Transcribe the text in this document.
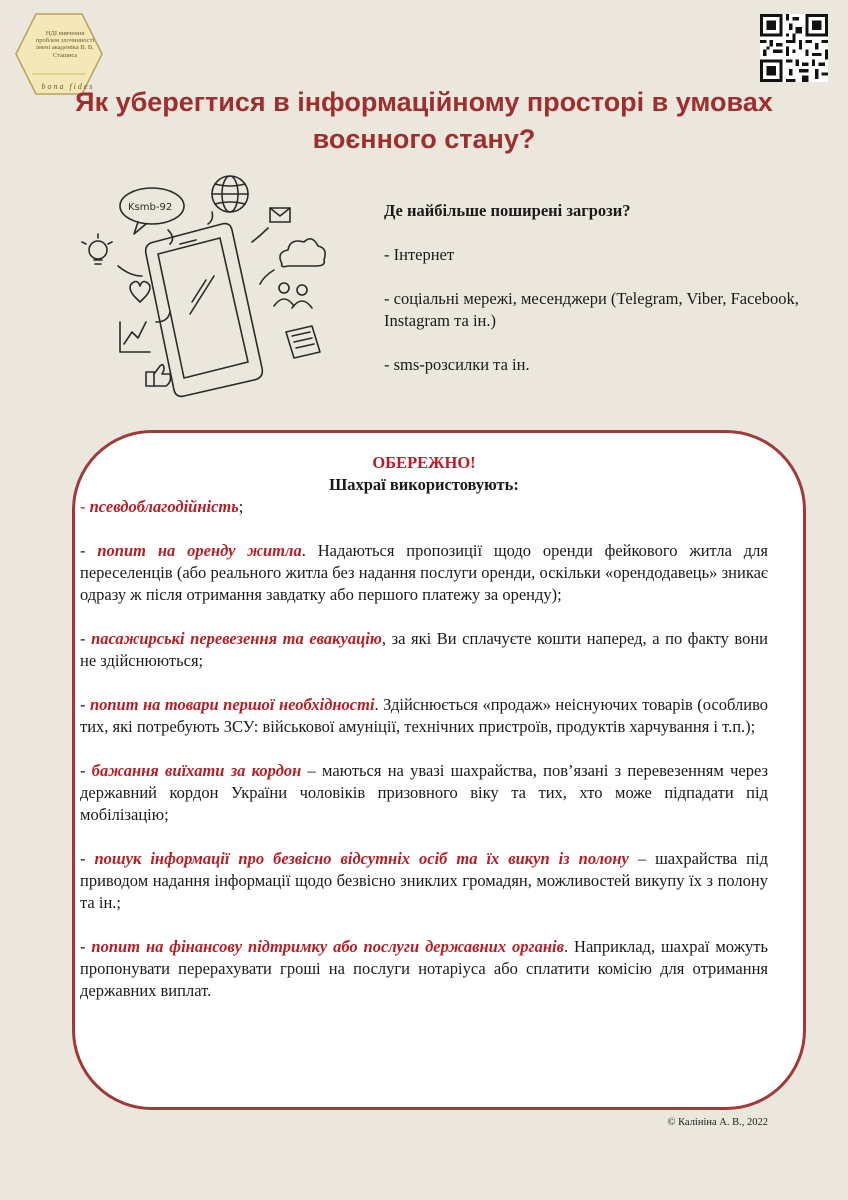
НДІ вивчення проблем злочинності імені академіка В. В. Сташиса
bona fides
Як уберегтися в інформаційному просторі в умовах воєнного стану?
Ksmb-92	Де найбільше поширені загрози?
- Інтернет
- соціальні мережі, месенджери (Telegram, Viber, Facebook, Instagram та ін.)
- sms-розсилки та ін.
ОБЕРЕЖНО!
Шахраї використовують:
- псевдоблагодійність;
- попит на оренду житла. Надаються пропозиції щодо оренди фейкового житла для переселенців (або реального житла без надання послуги оренди, оскільки «орендодавець» зникає одразу ж після отримання завдатку або першого платежу за оренду);
- пасажирські перевезення та евакуацію, за які Ви сплачуєте кошти наперед, а по факту вони не здійснюються;
- попит на товари першої необхідності. Здійснюється «продаж» неіснуючих товарів (особливо тих, які потребують ЗСУ: військової амуніції, технічних пристроїв, продуктів харчування і т.п.);
- бажання виїхати за кордон – маються на увазі шахрайства, пов’язані з перевезенням через державний кордон України чоловіків призовного віку та тих, хто може підпадати під мобілізацію;
- пошук інформації про безвісно відсутніх осіб та їх викуп із полону – шахрайства під приводом надання інформації щодо безвісно зниклих громадян, можливостей викупу їх з полону та ін.;
- попит на фінансову підтримку або послуги державних органів. Наприклад, шахраї можуть пропонувати перерахувати гроші на послуги нотаріуса або сплатити комісію для отримання державних виплат.
© Калініна А. В., 2022
